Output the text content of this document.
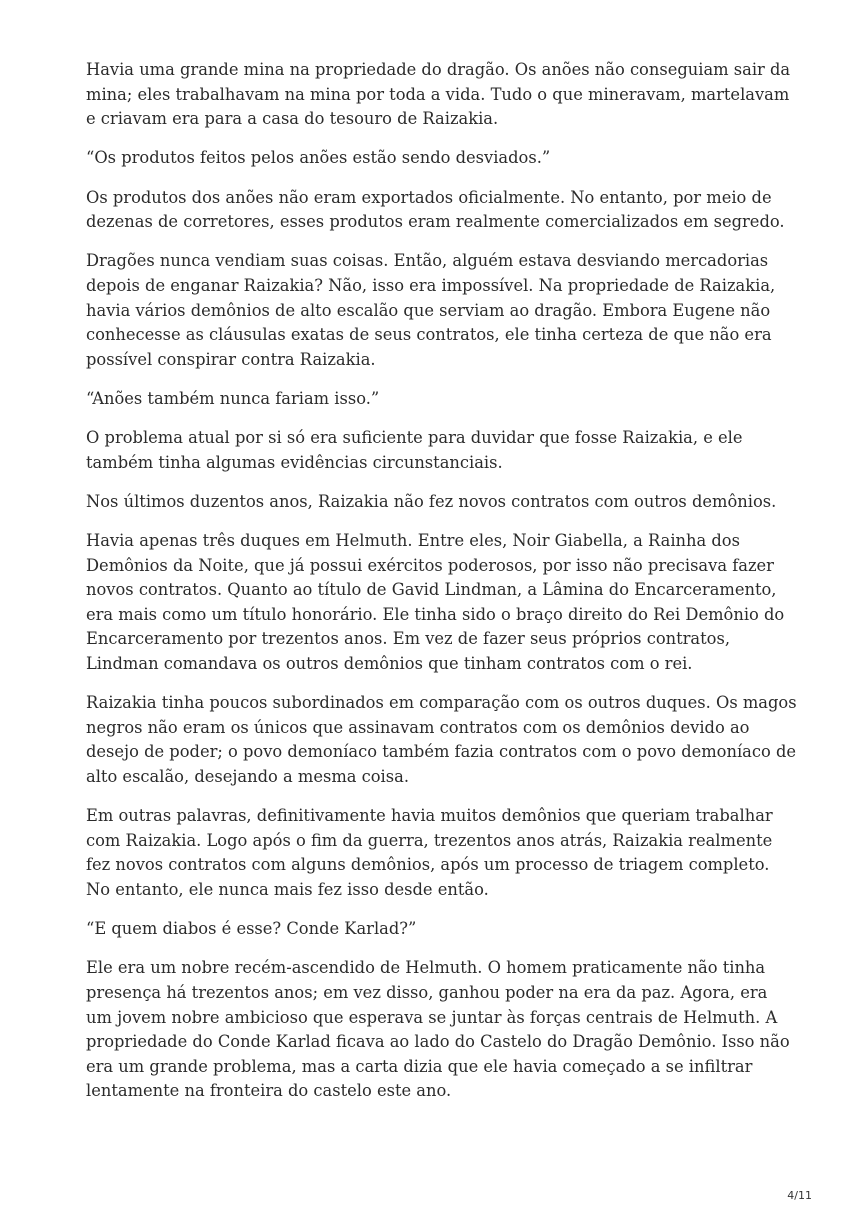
Havia uma grande mina na propriedade do dragão. Os anões não conseguiam sair da mina; eles trabalhavam na mina por toda a vida. Tudo o que mineravam, martelavam e criavam era para a casa do tesouro de Raizakia.

“Os produtos feitos pelos anões estão sendo desviados.”

Os produtos dos anões não eram exportados oficialmente. No entanto, por meio de dezenas de corretores, esses produtos eram realmente comercializados em segredo.

Dragões nunca vendiam suas coisas. Então, alguém estava desviando mercadorias depois de enganar Raizakia? Não, isso era impossível. Na propriedade de Raizakia, havia vários demônios de alto escalão que serviam ao dragão. Embora Eugene não conhecesse as cláusulas exatas de seus contratos, ele tinha certeza de que não era possível conspirar contra Raizakia.

“Anões também nunca fariam isso.”

O problema atual por si só era suficiente para duvidar que fosse Raizakia, e ele também tinha algumas evidências circunstanciais.

Nos últimos duzentos anos, Raizakia não fez novos contratos com outros demônios.

Havia apenas três duques em Helmuth. Entre eles, Noir Giabella, a Rainha dos Demônios da Noite, que já possui exércitos poderosos, por isso não precisava fazer novos contratos. Quanto ao título de Gavid Lindman, a Lâmina do Encarceramento, era mais como um título honorário. Ele tinha sido o braço direito do Rei Demônio do Encarceramento por trezentos anos. Em vez de fazer seus próprios contratos, Lindman comandava os outros demônios que tinham contratos com o rei.

Raizakia tinha poucos subordinados em comparação com os outros duques. Os magos negros não eram os únicos que assinavam contratos com os demônios devido ao desejo de poder; o povo demoníaco também fazia contratos com o povo demoníaco de alto escalão, desejando a mesma coisa.

Em outras palavras, definitivamente havia muitos demônios que queriam trabalhar com Raizakia. Logo após o fim da guerra, trezentos anos atrás, Raizakia realmente fez novos contratos com alguns demônios, após um processo de triagem completo. No entanto, ele nunca mais fez isso desde então.

“E quem diabos é esse? Conde Karlad?”

Ele era um nobre recém-ascendido de Helmuth. O homem praticamente não tinha presença há trezentos anos; em vez disso, ganhou poder na era da paz. Agora, era um jovem nobre ambicioso que esperava se juntar às forças centrais de Helmuth. A propriedade do Conde Karlad ficava ao lado do Castelo do Dragão Demônio. Isso não era um grande problema, mas a carta dizia que ele havia começado a se infiltrar lentamente na fronteira do castelo este ano.

4/11
